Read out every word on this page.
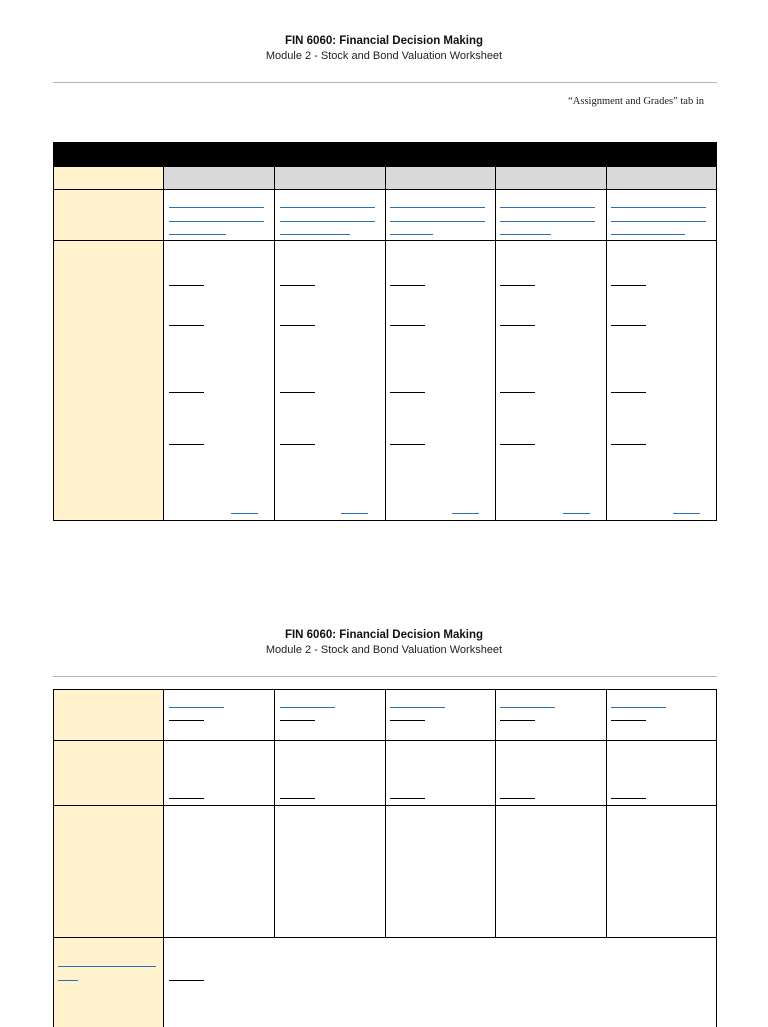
FIN 6060: Financial Decision Making
Module 2 - Stock and Bond Valuation Worksheet
“Assignment and Grades” tab in
FIN 6060: Financial Decision Making
Module 2 - Stock and Bond Valuation Worksheet
